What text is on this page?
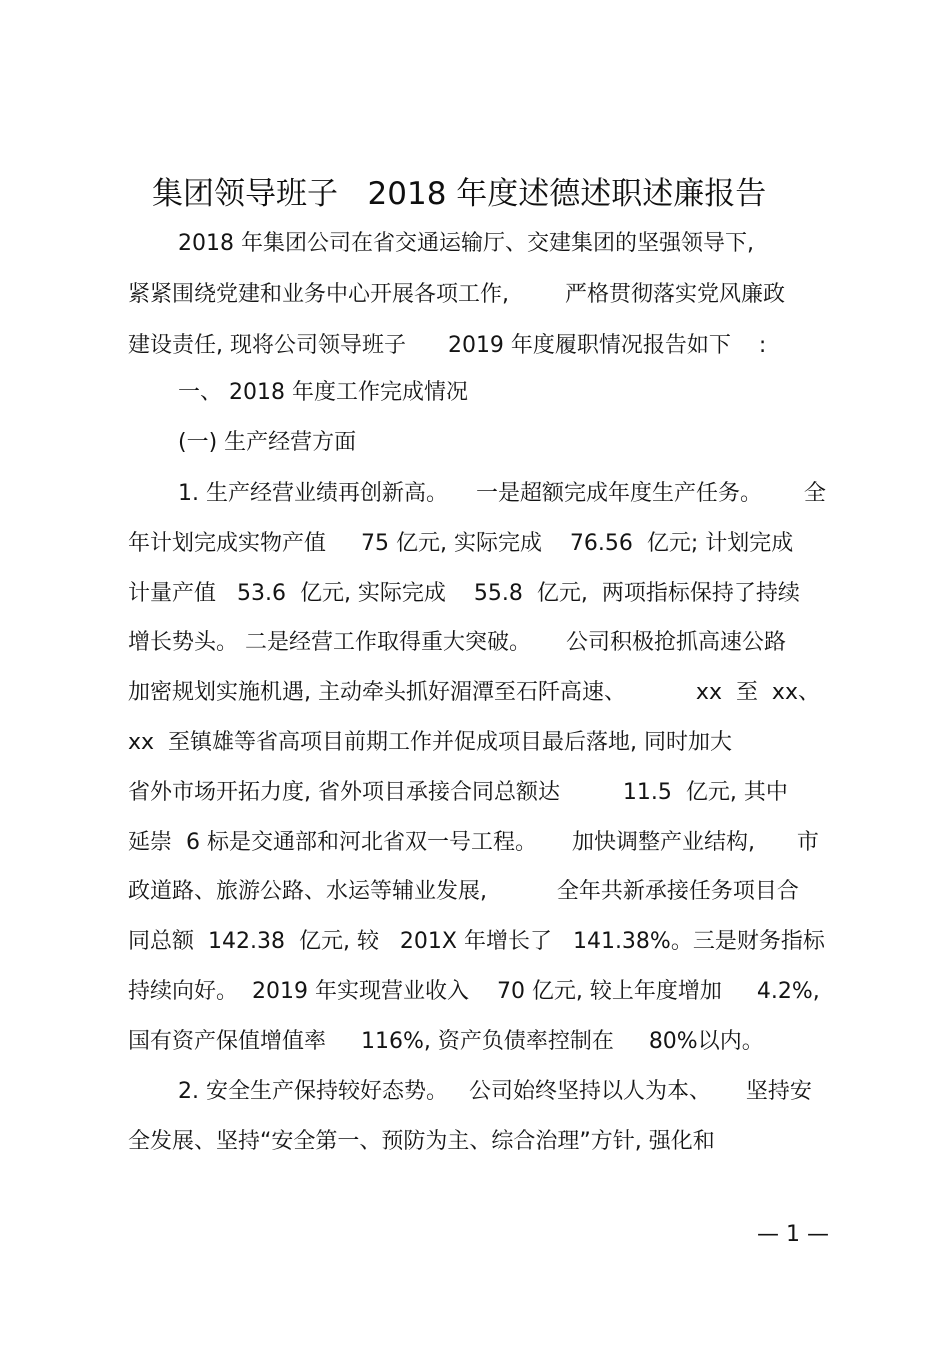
集团领导班子   2018 年度述德述职述廉报告
2018 年集团公司在省交通运输厅、交建集团的坚强领导下,
紧紧围绕党建和业务中心开展各项工作,        严格贯彻落实党风廉政
建设责任, 现将公司领导班子      2019 年度履职情况报告如下    :
一、 2018 年度工作完成情况
(一) 生产经营方面
1. 生产经营业绩再创新高。    一是超额完成年度生产任务。      全
年计划完成实物产值     75 亿元, 实际完成    76.56  亿元; 计划完成
计量产值   53.6  亿元, 实际完成    55.8  亿元,  两项指标保持了持续
增长势头。 二是经营工作取得重大突破。     公司积极抢抓高速公路
加密规划实施机遇, 主动牵头抓好湄潭至石阡高速、          xx  至  xx、
xx  至镇雄等省高项目前期工作并促成项目最后落地, 同时加大
省外市场开拓力度, 省外项目承接合同总额达         11.5  亿元, 其中
延崇  6 标是交通部和河北省双一号工程。     加快调整产业结构,      市
政道路、旅游公路、水运等辅业发展,          全年共新承接任务项目合
同总额  142.38  亿元, 较   201X 年增长了   141.38%。三是财务指标
持续向好。  2019 年实现营业收入    70 亿元, 较上年度增加     4.2%,
国有资产保值增值率     116%, 资产负债率控制在     80%以内。
2. 安全生产保持较好态势。   公司始终坚持以人为本、     坚持安
全发展、坚持“安全第一、预防为主、综合治理”方针, 强化和
— 1 —
